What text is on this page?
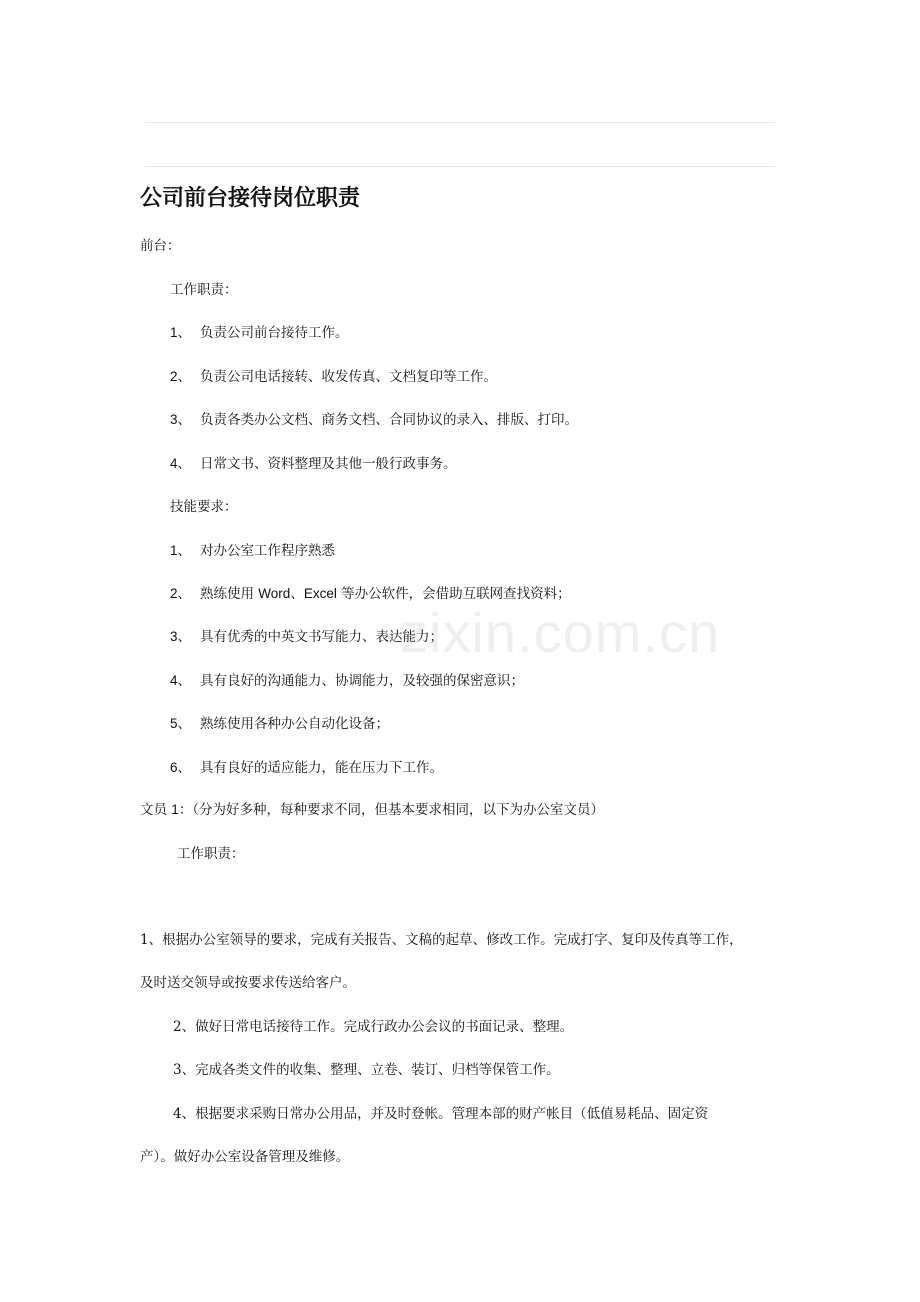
公司前台接待岗位职责
前台：
工作职责：
1、 负责公司前台接待工作。
2、 负责公司电话接转、收发传真、文档复印等工作。
3、 负责各类办公文档、商务文档、合同协议的录入、排版、打印。
4、 日常文书、资料整理及其他一般行政事务。
技能要求：
1、 对办公室工作程序熟悉
2、 熟练使用 Word、Excel 等办公软件，会借助互联网查找资料；
3、 具有优秀的中英文书写能力、表达能力；
4、 具有良好的沟通能力、协调能力，及较强的保密意识；
5、 熟练使用各种办公自动化设备；
6、 具有良好的适应能力，能在压力下工作。
文员 1：（分为好多种，每种要求不同，但基本要求相同，以下为办公室文员）
工作职责：
1、根据办公室领导的要求，完成有关报告、文稿的起草、修改工作。完成打字、复印及传真等工作，
及时送交领导或按要求传送给客户。
2、做好日常电话接待工作。完成行政办公会议的书面记录、整理。
3、完成各类文件的收集、整理、立卷、装订、归档等保管工作。
4、根据要求采购日常办公用品，并及时登帐。管理本部的财产帐目（低值易耗品、固定资
产）。做好办公室设备管理及维修。
zixin.com.cn
